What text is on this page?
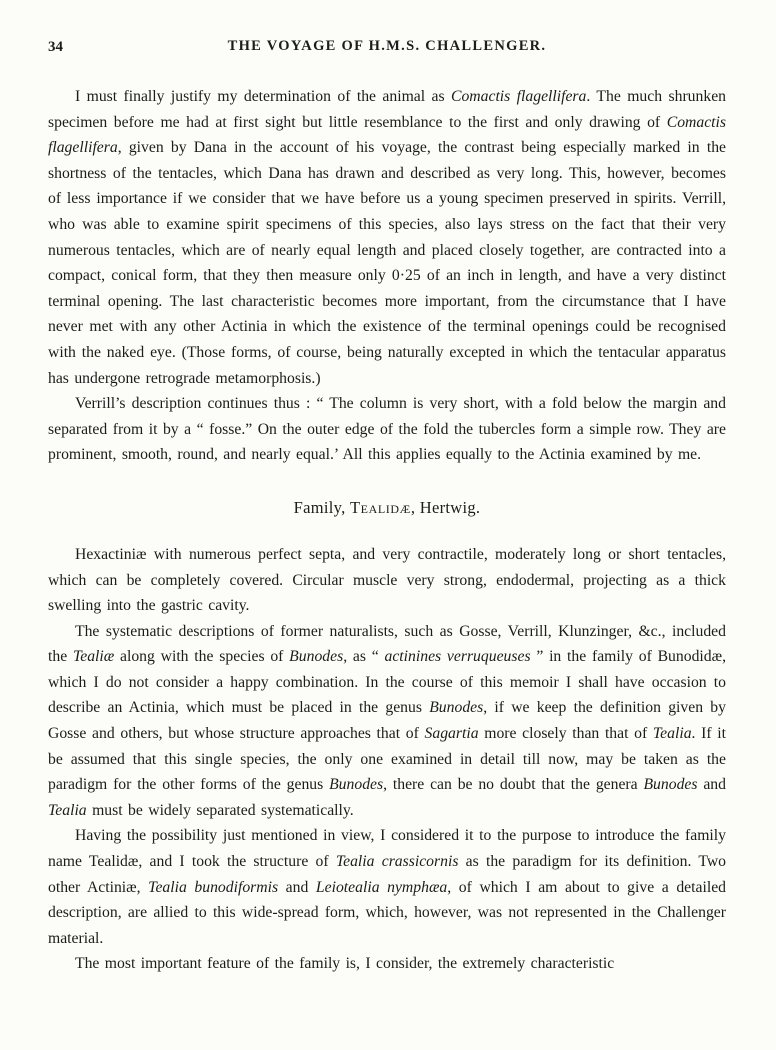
34	THE VOYAGE OF H.M.S. CHALLENGER.

I must finally justify my determination of the animal as Comactis flagellifera. The much shrunken specimen before me had at first sight but little resemblance to the first and only drawing of Comactis flagellifera, given by Dana in the account of his voyage, the contrast being especially marked in the shortness of the tentacles, which Dana has drawn and described as very long. This, however, becomes of less importance if we consider that we have before us a young specimen preserved in spirits. Verrill, who was able to examine spirit specimens of this species, also lays stress on the fact that their very numerous tentacles, which are of nearly equal length and placed closely together, are contracted into a compact, conical form, that they then measure only 0·25 of an inch in length, and have a very distinct terminal opening. The last characteristic becomes more important, from the circumstance that I have never met with any other Actinia in which the existence of the terminal openings could be recognised with the naked eye. (Those forms, of course, being naturally excepted in which the tentacular apparatus has undergone retrograde metamorphosis.)

Verrill’s description continues thus : “ The column is very short, with a fold below the margin and separated from it by a “ fosse.” On the outer edge of the fold the tubercles form a simple row. They are prominent, smooth, round, and nearly equal.’ All this applies equally to the Actinia examined by me.

Family, Tealidæ, Hertwig.

Hexactiniæ with numerous perfect septa, and very contractile, moderately long or short tentacles, which can be completely covered. Circular muscle very strong, endodermal, projecting as a thick swelling into the gastric cavity.

The systematic descriptions of former naturalists, such as Gosse, Verrill, Klunzinger, &c., included the Tealiæ along with the species of Bunodes, as “ actinines verruqueuses ” in the family of Bunodidæ, which I do not consider a happy combination. In the course of this memoir I shall have occasion to describe an Actinia, which must be placed in the genus Bunodes, if we keep the definition given by Gosse and others, but whose structure approaches that of Sagartia more closely than that of Tealia. If it be assumed that this single species, the only one examined in detail till now, may be taken as the paradigm for the other forms of the genus Bunodes, there can be no doubt that the genera Bunodes and Tealia must be widely separated systematically.

Having the possibility just mentioned in view, I considered it to the purpose to introduce the family name Tealidæ, and I took the structure of Tealia crassicornis as the paradigm for its definition. Two other Actiniæ, Tealia bunodiformis and Leiotealia nymphæa, of which I am about to give a detailed description, are allied to this wide-spread form, which, however, was not represented in the Challenger material.

The most important feature of the family is, I consider, the extremely characteristic
